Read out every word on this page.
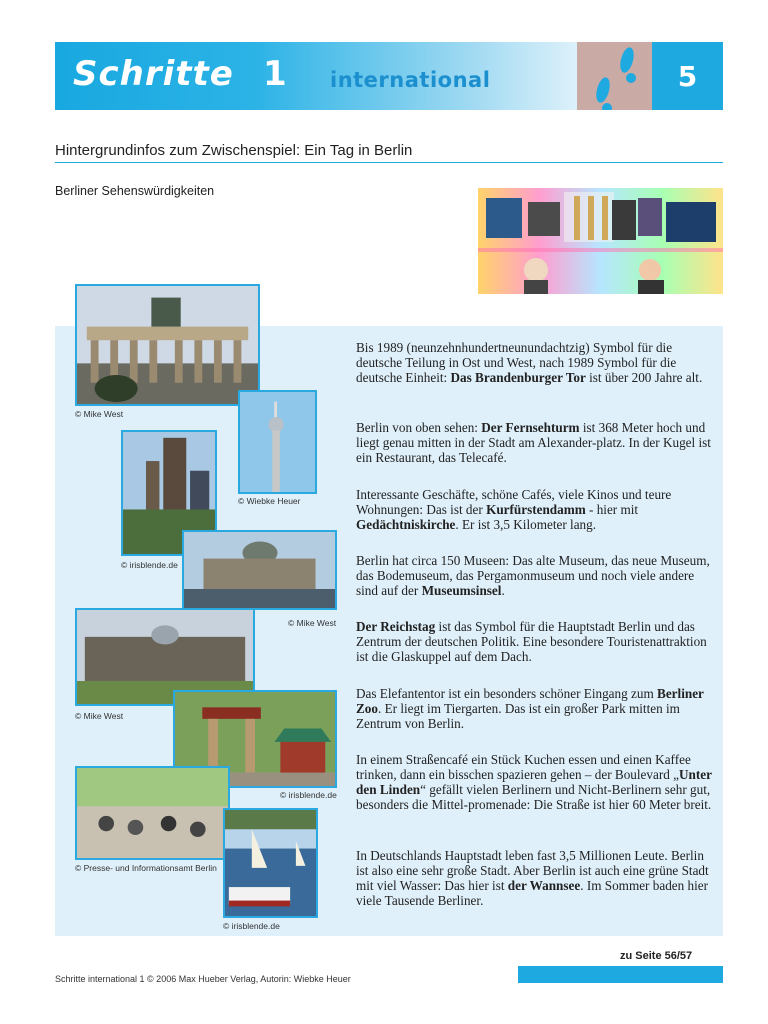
Schritte 1 international	5
Hintergrundinfos zum Zwischenspiel: Ein Tag in Berlin
Berliner Sehenswürdigkeiten
© Mike West
© Wiebke Heuer
© irisblende.de
© Mike West
© Mike West
© irisblende.de
© Presse- und Informationsamt Berlin
© irisblende.de

Bis 1989 (neunzehnhundertneunundachtzig) Symbol für die deutsche Teilung in Ost und West, nach 1989 Symbol für die deutsche Einheit: Das Brandenburger Tor ist über 200 Jahre alt.

Berlin von oben sehen: Der Fernsehturm ist 368 Meter hoch und liegt genau mitten in der Stadt am Alexander-platz. In der Kugel ist ein Restaurant, das Telecafé.

Interessante Geschäfte, schöne Cafés, viele Kinos und teure Wohnungen: Das ist der Kurfürstendamm - hier mit Gedächtniskirche. Er ist 3,5 Kilometer lang.

Berlin hat circa 150 Museen: Das alte Museum, das neue Museum, das Bodemuseum, das Pergamonmuseum und noch viele andere sind auf der Museumsinsel.

Der Reichstag ist das Symbol für die Hauptstadt Berlin und das Zentrum der deutschen Politik. Eine besondere Touristenattraktion ist die Glaskuppel auf dem Dach.

Das Elefantentor ist ein besonders schöner Eingang zum Berliner Zoo. Er liegt im Tiergarten. Das ist ein großer Park mitten im Zentrum von Berlin.

In einem Straßencafé ein Stück Kuchen essen und einen Kaffee trinken, dann ein bisschen spazieren gehen – der Boulevard „Unter den Linden“ gefällt vielen Berlinern und Nicht-Berlinern sehr gut, besonders die Mittel-promenade: Die Straße ist hier 60 Meter breit.

In Deutschlands Hauptstadt leben fast 3,5 Millionen Leute. Berlin ist also eine sehr große Stadt. Aber Berlin ist auch eine grüne Stadt mit viel Wasser: Das hier ist der Wannsee. Im Sommer baden hier viele Tausende Berliner.

zu Seite 56/57
Schritte international 1 © 2006 Max Hueber Verlag, Autorin: Wiebke Heuer
